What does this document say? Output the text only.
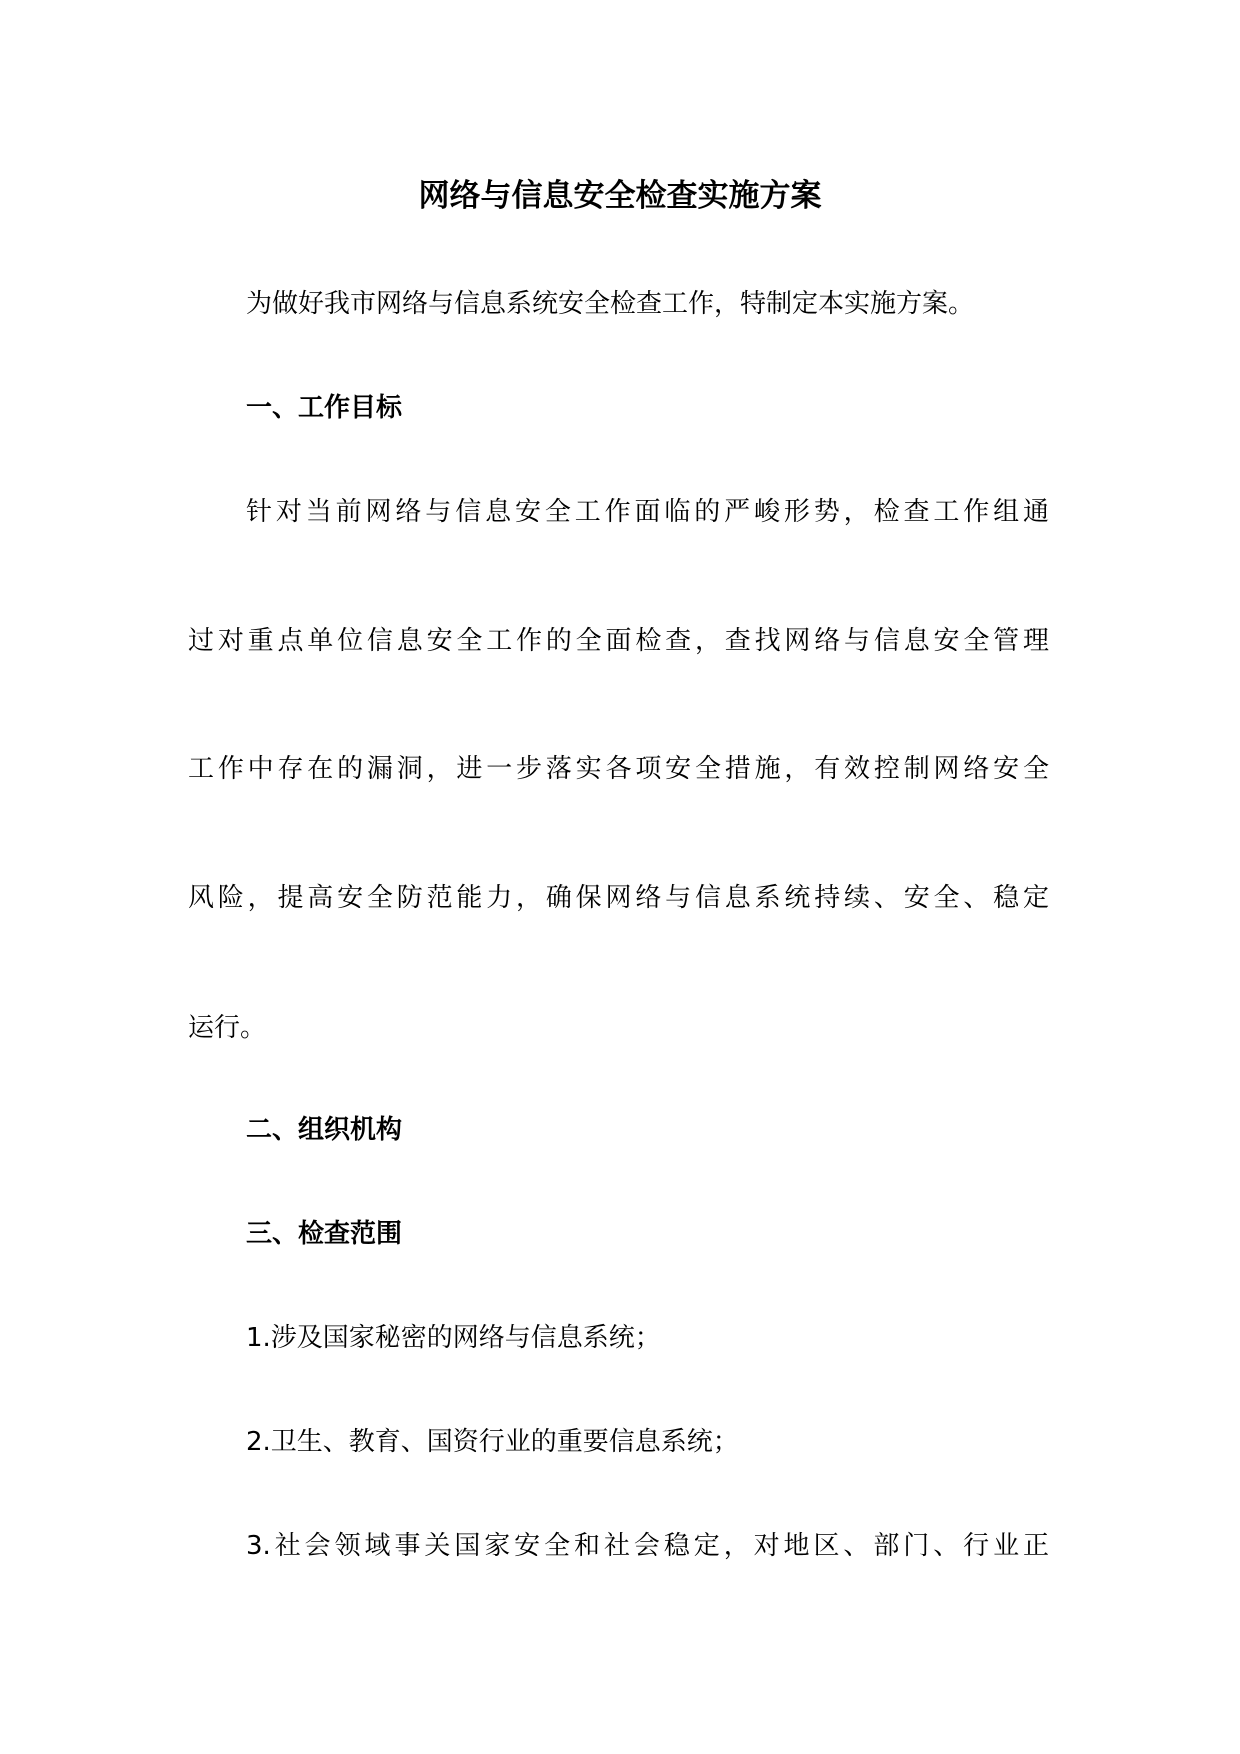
网络与信息安全检查实施方案
为做好我市网络与信息系统安全检查工作，特制定本实施方案。
一、工作目标
针对当前网络与信息安全工作面临的严峻形势，检查工作组通
过对重点单位信息安全工作的全面检查，查找网络与信息安全管理
工作中存在的漏洞，进一步落实各项安全措施，有效控制网络安全
风险，提高安全防范能力，确保网络与信息系统持续、安全、稳定
运行。
二、组织机构
三、检查范围
1.涉及国家秘密的网络与信息系统；
2.卫生、教育、国资行业的重要信息系统；
3.社会领域事关国家安全和社会稳定，对地区、部门、行业正
